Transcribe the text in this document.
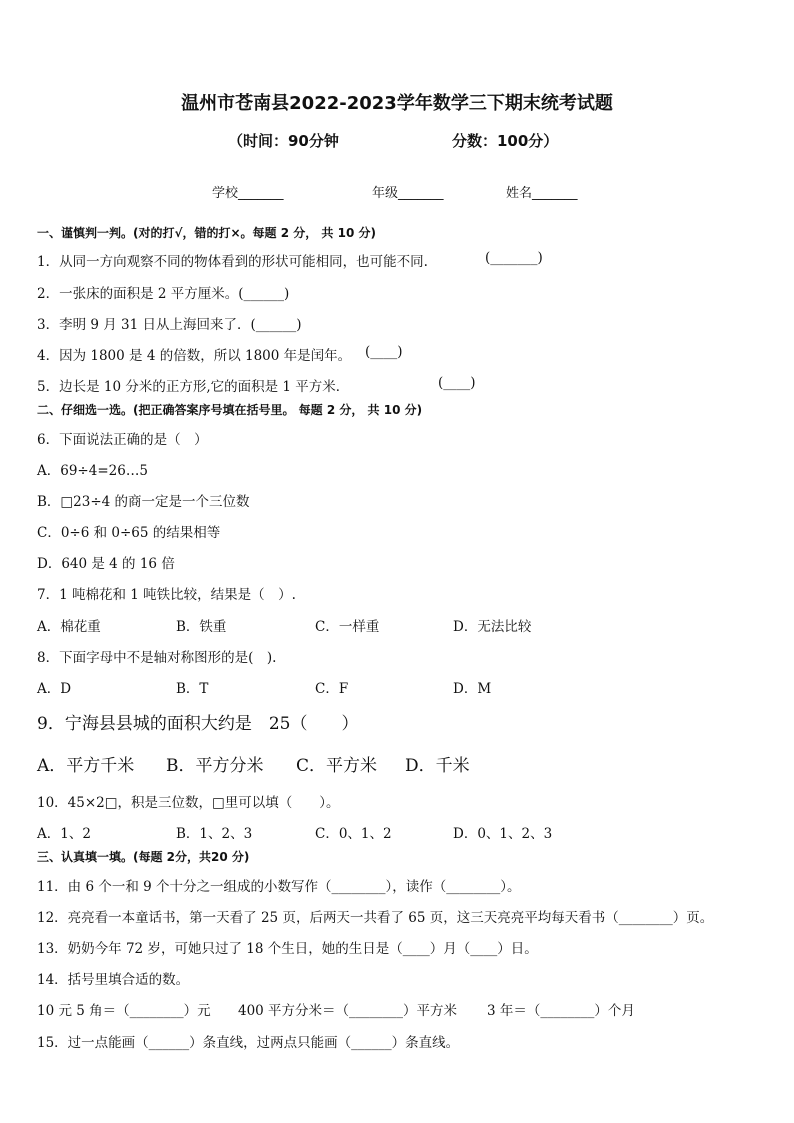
温州市苍南县2022-2023学年数学三下期末统考试题
（时间：90分钟	分数：100分）
学校_______	年级_______	姓名_______
一、谨慎判一判。(对的打√，错的打×。每题 2 分， 共 10 分)
1．从同一方向观察不同的物体看到的形状可能相同，也可能不同.	(_______)
2．一张床的面积是 2 平方厘米。(______)
3．李明 9 月 31 日从上海回来了．(______)
4．因为 1800 是 4 的倍数，所以 1800 年是闰年。 (____)
5．边长是 10 分米的正方形,它的面积是 1 平方米．	(____)
二、仔细选一选。(把正确答案序号填在括号里。 每题 2 分， 共 10 分)
6．下面说法正确的是（　）
A．69÷4=26…5
B．□23÷4 的商一定是一个三位数
C．0÷6 和 0÷65 的结果相等
D．640 是 4 的 16 倍
7．1 吨棉花和 1 吨铁比较，结果是（　）.
A．棉花重	B．铁重	C．一样重	D．无法比较
8．下面字母中不是轴对称图形的是(　).
A．D	B．T	C．F	D．M
9．宁海县县城的面积大约是　25（　　）
A．平方千米 B．平方分米 C．平方米 D．千米
10．45×2□，积是三位数，□里可以填（　　）。
A．1、2	B．1、2、3	C．0、1、2	D．0、1、2、3
三、认真填一填。(每题 2分，共20 分)
11．由 6 个一和 9 个十分之一组成的小数写作（________），读作（________）。
12．亮亮看一本童话书，第一天看了 25 页，后两天一共看了 65 页，这三天亮亮平均每天看书（________）页。
13．奶奶今年 72 岁，可她只过了 18 个生日，她的生日是（____）月（____）日。
14．括号里填合适的数。
10 元 5 角＝（________）元 400 平方分米＝（________）平方米 3 年＝（________）个月
15．过一点能画（______）条直线，过两点只能画（______）条直线。
